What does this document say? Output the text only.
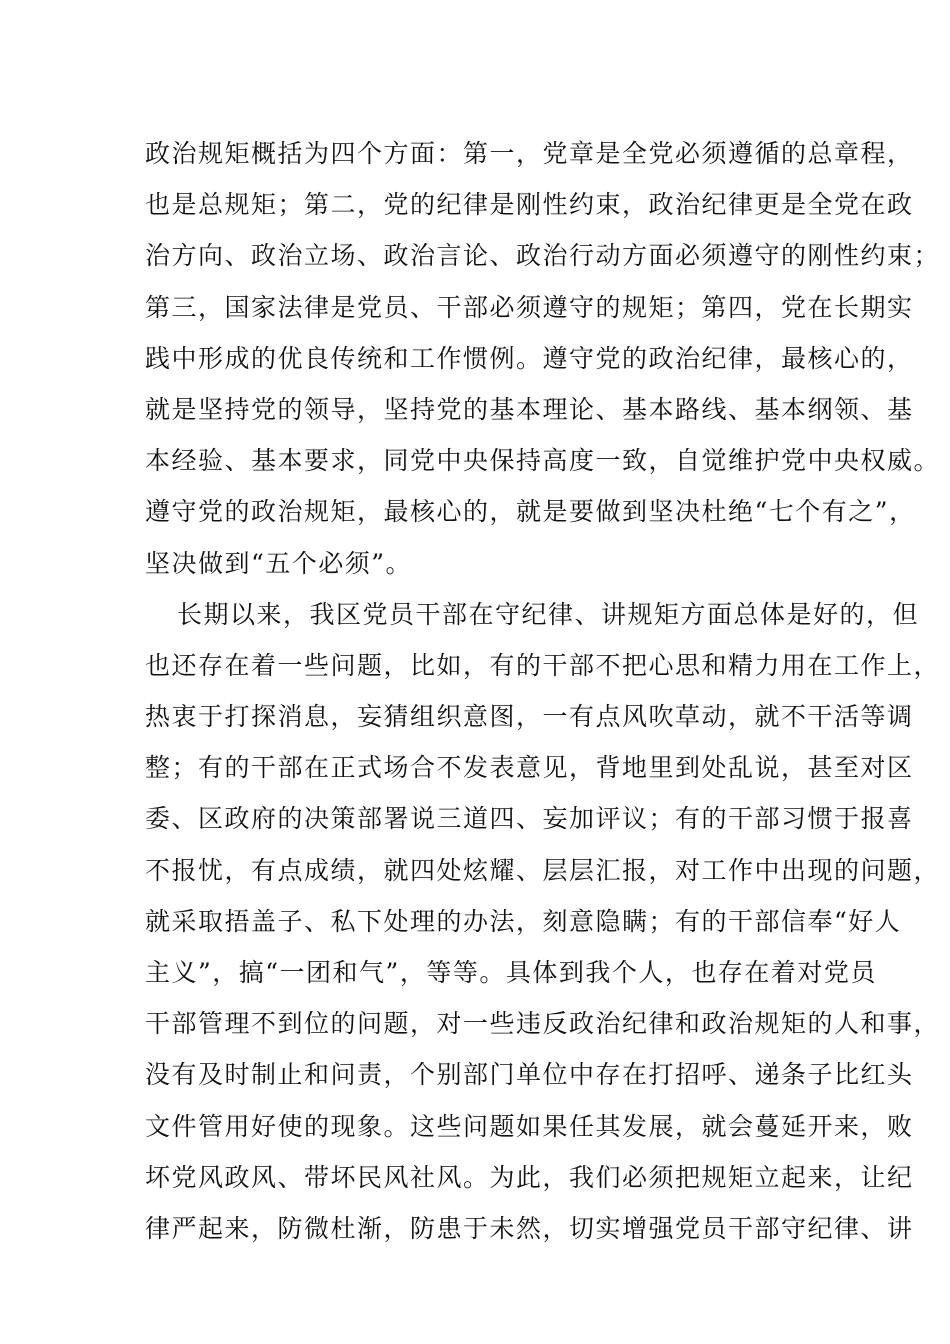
政治规矩概括为四个方面：第一，党章是全党必须遵循的总章程，
也是总规矩；第二，党的纪律是刚性约束，政治纪律更是全党在政
治方向、政治立场、政治言论、政治行动方面必须遵守的刚性约束；
第三，国家法律是党员、干部必须遵守的规矩；第四，党在长期实
践中形成的优良传统和工作惯例。遵守党的政治纪律，最核心的，
就是坚持党的领导，坚持党的基本理论、基本路线、基本纲领、基
本经验、基本要求，同党中央保持高度一致，自觉维护党中央权威。
遵守党的政治规矩，最核心的，就是要做到坚决杜绝“七个有之”，
坚决做到“五个必须”。
长期以来，我区党员干部在守纪律、讲规矩方面总体是好的，但
也还存在着一些问题，比如，有的干部不把心思和精力用在工作上，
热衷于打探消息，妄猜组织意图，一有点风吹草动，就不干活等调
整；有的干部在正式场合不发表意见，背地里到处乱说，甚至对区
委、区政府的决策部署说三道四、妄加评议；有的干部习惯于报喜
不报忧，有点成绩，就四处炫耀、层层汇报，对工作中出现的问题，
就采取捂盖子、私下处理的办法，刻意隐瞒；有的干部信奉“好人
主义”，搞“一团和气”，等等。具体到我个人，也存在着对党员
干部管理不到位的问题，对一些违反政治纪律和政治规矩的人和事，
没有及时制止和问责，个别部门单位中存在打招呼、递条子比红头
文件管用好使的现象。这些问题如果任其发展，就会蔓延开来，败
坏党风政风、带坏民风社风。为此，我们必须把规矩立起来，让纪
律严起来，防微杜渐，防患于未然，切实增强党员干部守纪律、讲
